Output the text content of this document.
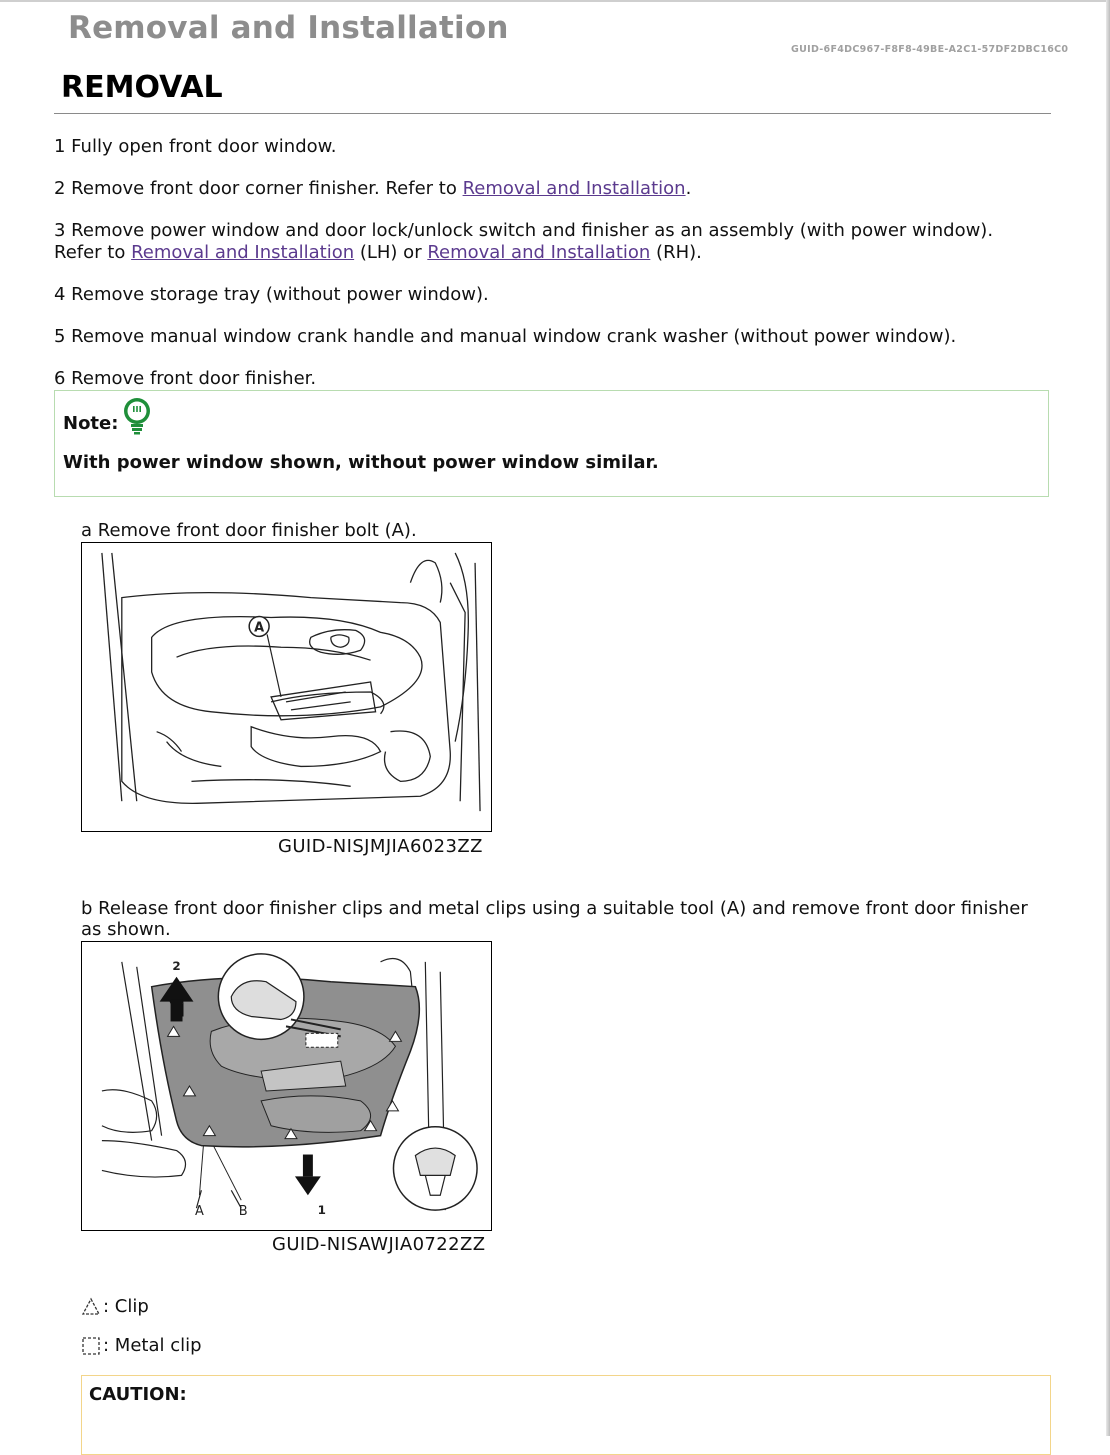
Removal and Installation
GUID-6F4DC967-F8F8-49BE-A2C1-57DF2DBC16C0
REMOVAL
1 Fully open front door window.
2 Remove front door corner finisher. Refer to Removal and Installation.
3 Remove power window and door lock/unlock switch and finisher as an assembly (with power window).
Refer to Removal and Installation (LH) or Removal and Installation (RH).
4 Remove storage tray (without power window).
5 Remove manual window crank handle and manual window crank washer (without power window).
6 Remove front door finisher.
Note:
With power window shown, without power window similar.
a Remove front door finisher bolt (A).
A
GUID-NISJMJIA6023ZZ
b Release front door finisher clips and metal clips using a suitable tool (A) and remove front door finisher as shown.
2
1
A	B
GUID-NISAWJIA0722ZZ
: Clip
: Metal clip
CAUTION:
